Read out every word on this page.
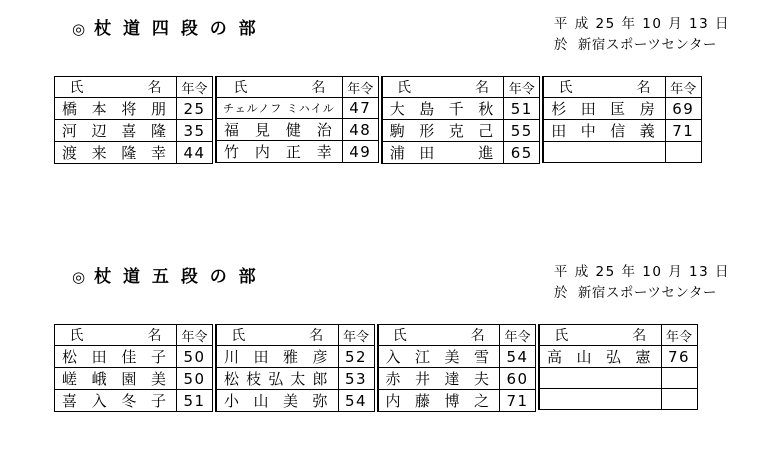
◎ 杖 道 四 段 の 部	平 成 25 年 10 月 13 日
於 新宿スポーツセンター
氏　　名	年令
橋本将朋	25
河辺喜隆	35
渡来隆幸	44
氏　　名	年令
チェルノフ ミハイル	47
福見健治	48
竹内正幸	49
氏　　名	年令
大島千秋	51
駒形克己	55
浦田　進	65
氏　　名	年令
杉田匡房	69
田中信義	71

◎ 杖 道 五 段 の 部	平 成 25 年 10 月 13 日
於 新宿スポーツセンター
氏　　名	年令
松田佳子	50
嵯峨園美	50
喜入冬子	51
氏　　名	年令
川田雅彦	52
松枝弘太郎	53
小山美弥	54
氏　　名	年令
入江美雪	54
赤井達夫	60
内藤博之	71
氏　　名	年令
高山弘憲	76
